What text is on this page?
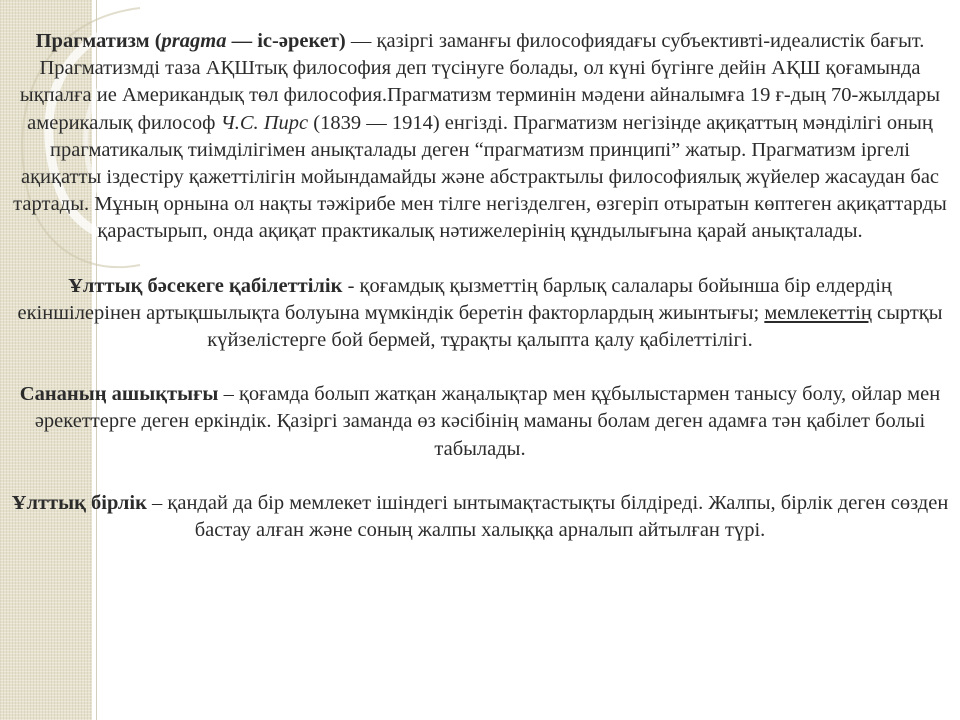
Прагматизм (pragma — іс-әрекет) — қазіргі заманғы философиядағы субъективті-идеалистік бағыт. Прагматизмді таза АҚШтық философия деп түсінуге болады, ол күні бүгінге дейін АҚШ қоғамында ықпалға ие Американдық төл философия.Прагматизм терминін мәдени айналымға 19 ғ-дың 70-жылдары америкалық философ Ч.С. Пирс (1839 — 1914) енгізді. Прагматизм негізінде ақиқаттың мәнділігі оның прагматикалық тиімділігімен анықталады деген “прагматизм принципі” жатыр. Прагматизм іргелі ақиқатты іздестіру қажеттілігін мойындамайды және абстрактылы философиялық жүйелер жасаудан бас тартады. Мұның орнына ол нақты тәжірибе мен тілге негізделген, өзгеріп отыратын көптеген ақиқаттарды қарастырып, онда ақиқат практикалық нәтижелерінің құндылығына қарай анықталады.

Ұлттық бәсекеге қабілеттілік - қоғамдық қызметтің барлық салалары бойынша бір елдердің екіншілерінен артықшылықта болуына мүмкіндік беретін факторлардың жиынтығы; мемлекеттің сыртқы күйзелістерге бой бермей, тұрақты қалыпта қалу қабілеттілігі.

Сананың ашықтығы – қоғамда болып жатқан жаңалықтар мен құбылыстармен танысу болу, ойлар мен әрекеттерге деген еркіндік. Қазіргі заманда өз кәсібінің маманы болам деген адамға тән қабілет болыі табылады.

Ұлттық бірлік – қандай да бір мемлекет ішіндегі ынтымақтастықты білдіреді. Жалпы, бірлік деген сөзден бастау алған және соның жалпы халыққа арналып айтылған түрі.
